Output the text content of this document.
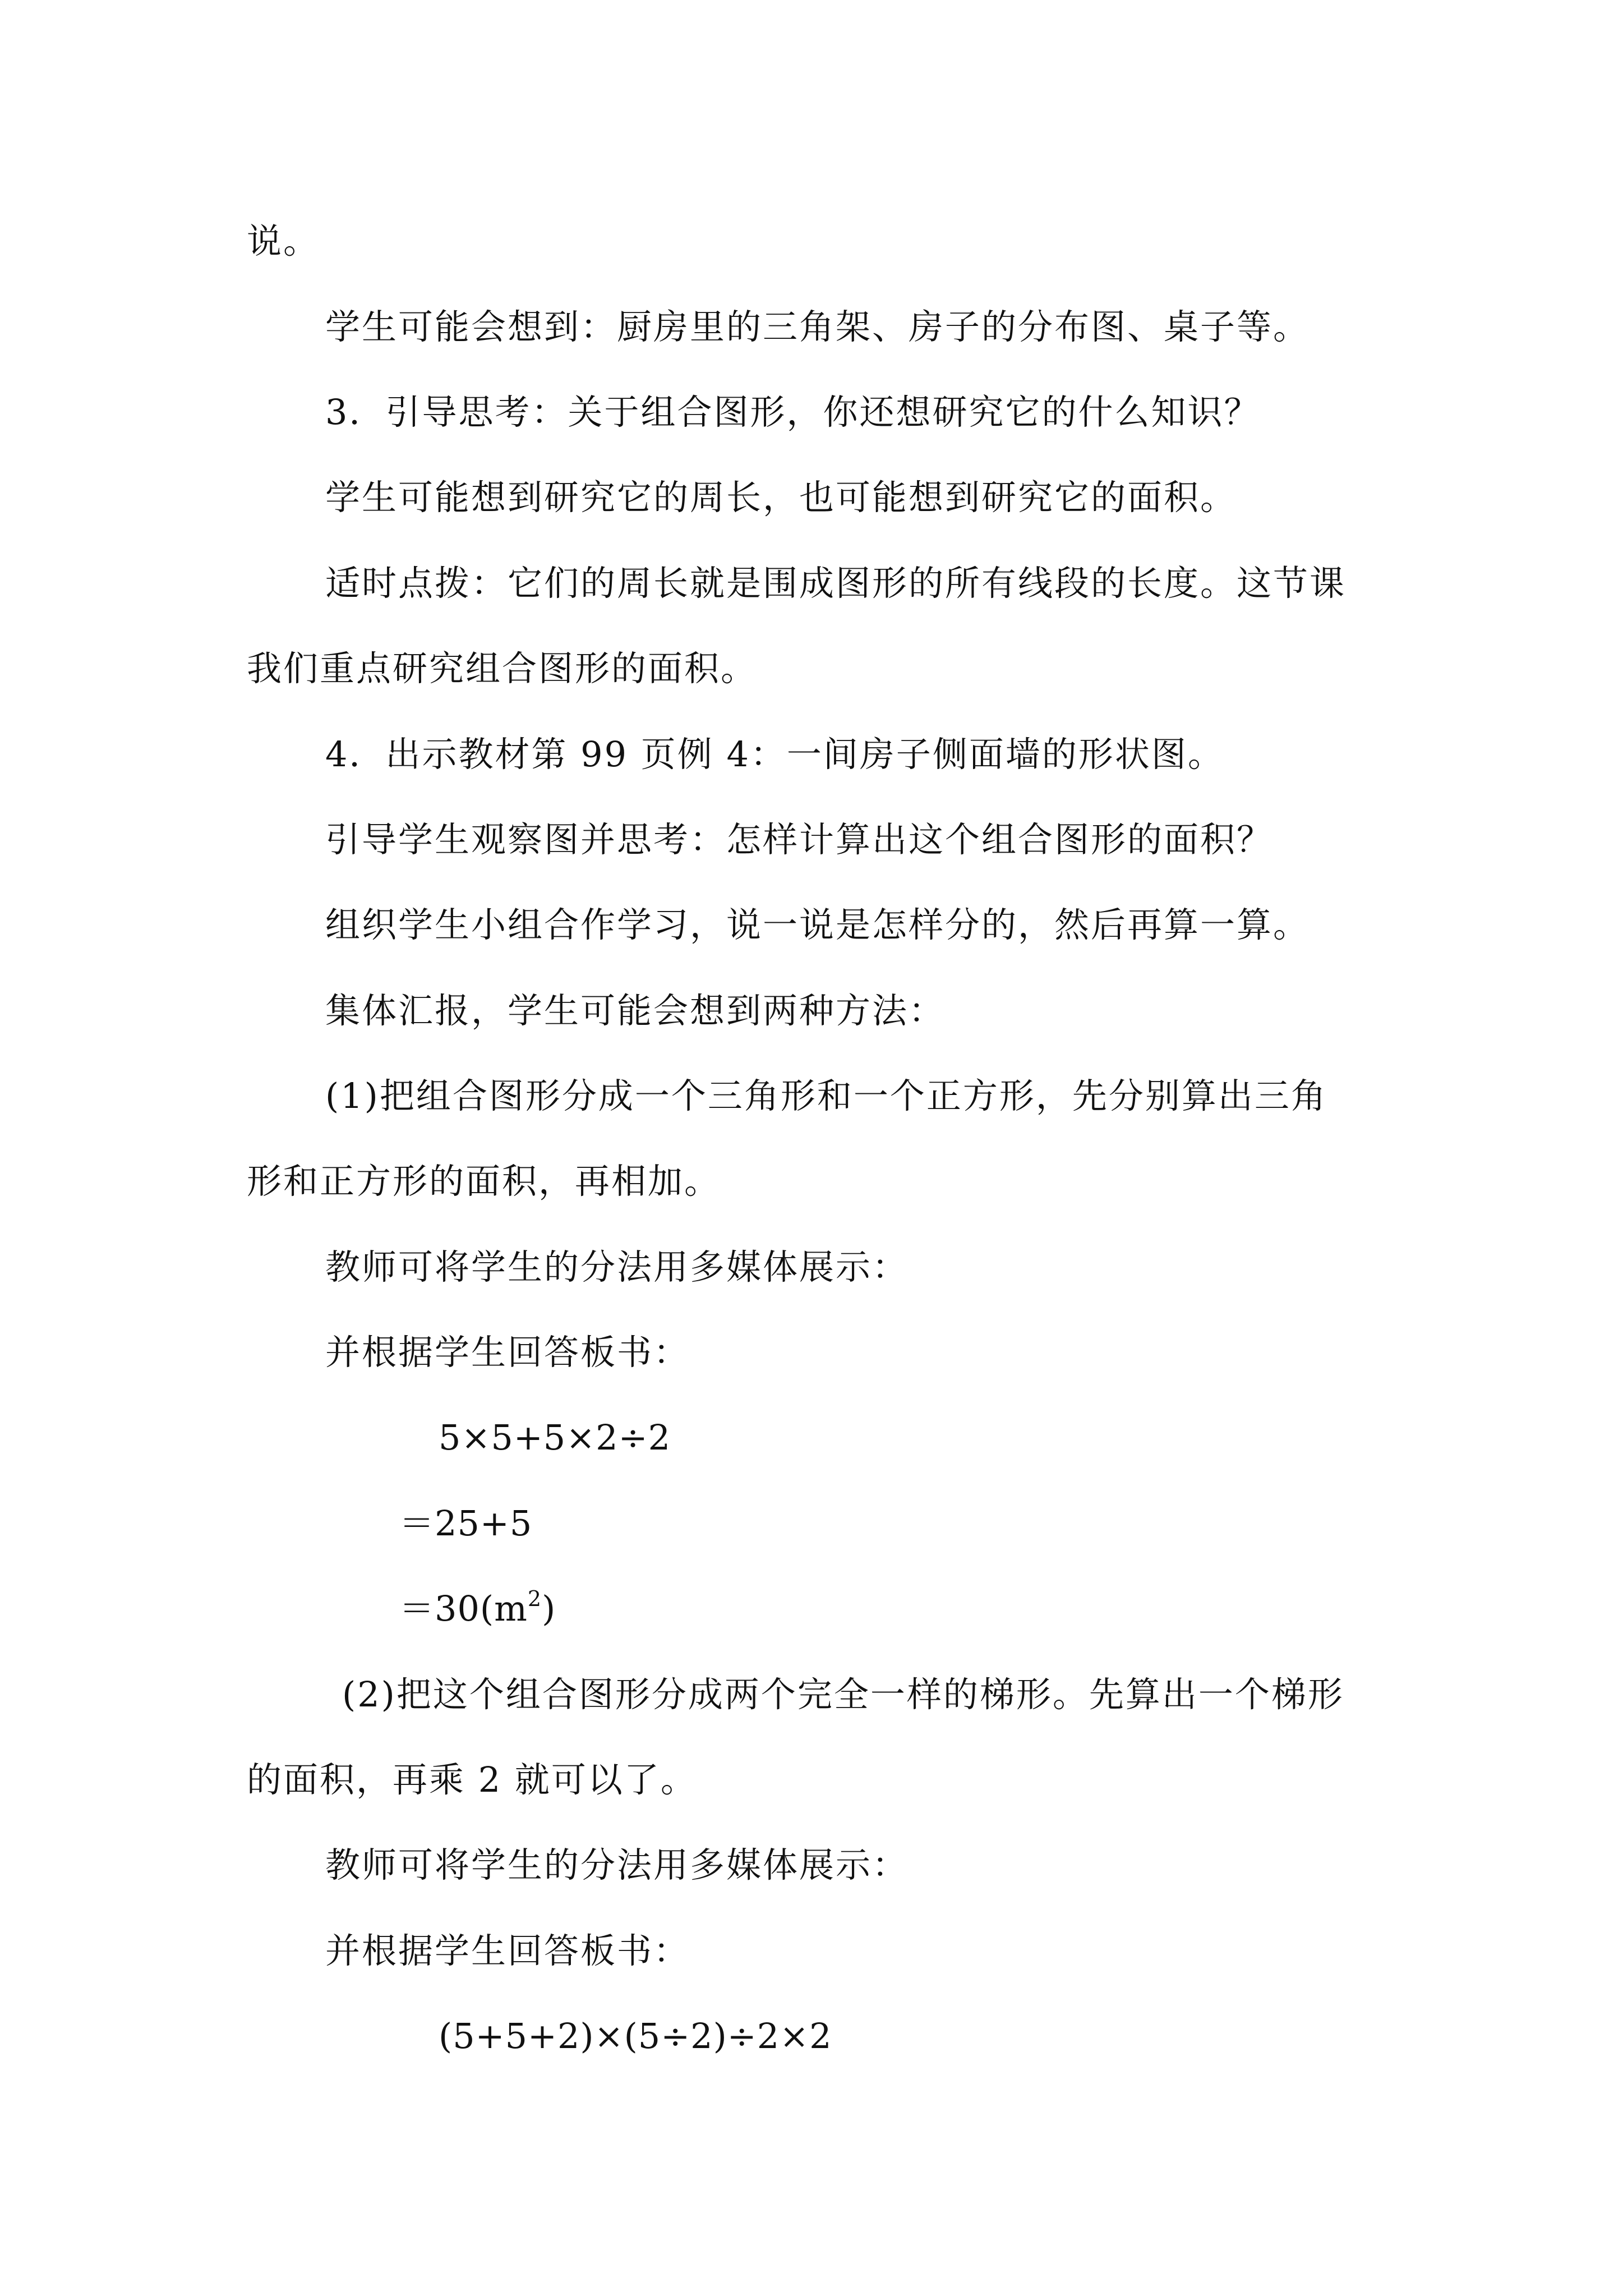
说。
学生可能会想到：厨房里的三角架、房子的分布图、桌子等。
3．引导思考：关于组合图形，你还想研究它的什么知识？
学生可能想到研究它的周长，也可能想到研究它的面积。
适时点拨：它们的周长就是围成图形的所有线段的长度。这节课
我们重点研究组合图形的面积。
4．出示教材第 99 页例 4：一间房子侧面墙的形状图。
引导学生观察图并思考：怎样计算出这个组合图形的面积？
组织学生小组合作学习，说一说是怎样分的，然后再算一算。
集体汇报，学生可能会想到两种方法：
(1)把组合图形分成一个三角形和一个正方形，先分别算出三角
形和正方形的面积，再相加。
教师可将学生的分法用多媒体展示：
并根据学生回答板书：
5×5+5×2÷2
＝25+5
$=30(m^2)$
(2)把这个组合图形分成两个完全一样的梯形。先算出一个梯形
的面积，再乘 2 就可以了。
教师可将学生的分法用多媒体展示：
并根据学生回答板书：
(5+5+2)×(5÷2)÷2×2
